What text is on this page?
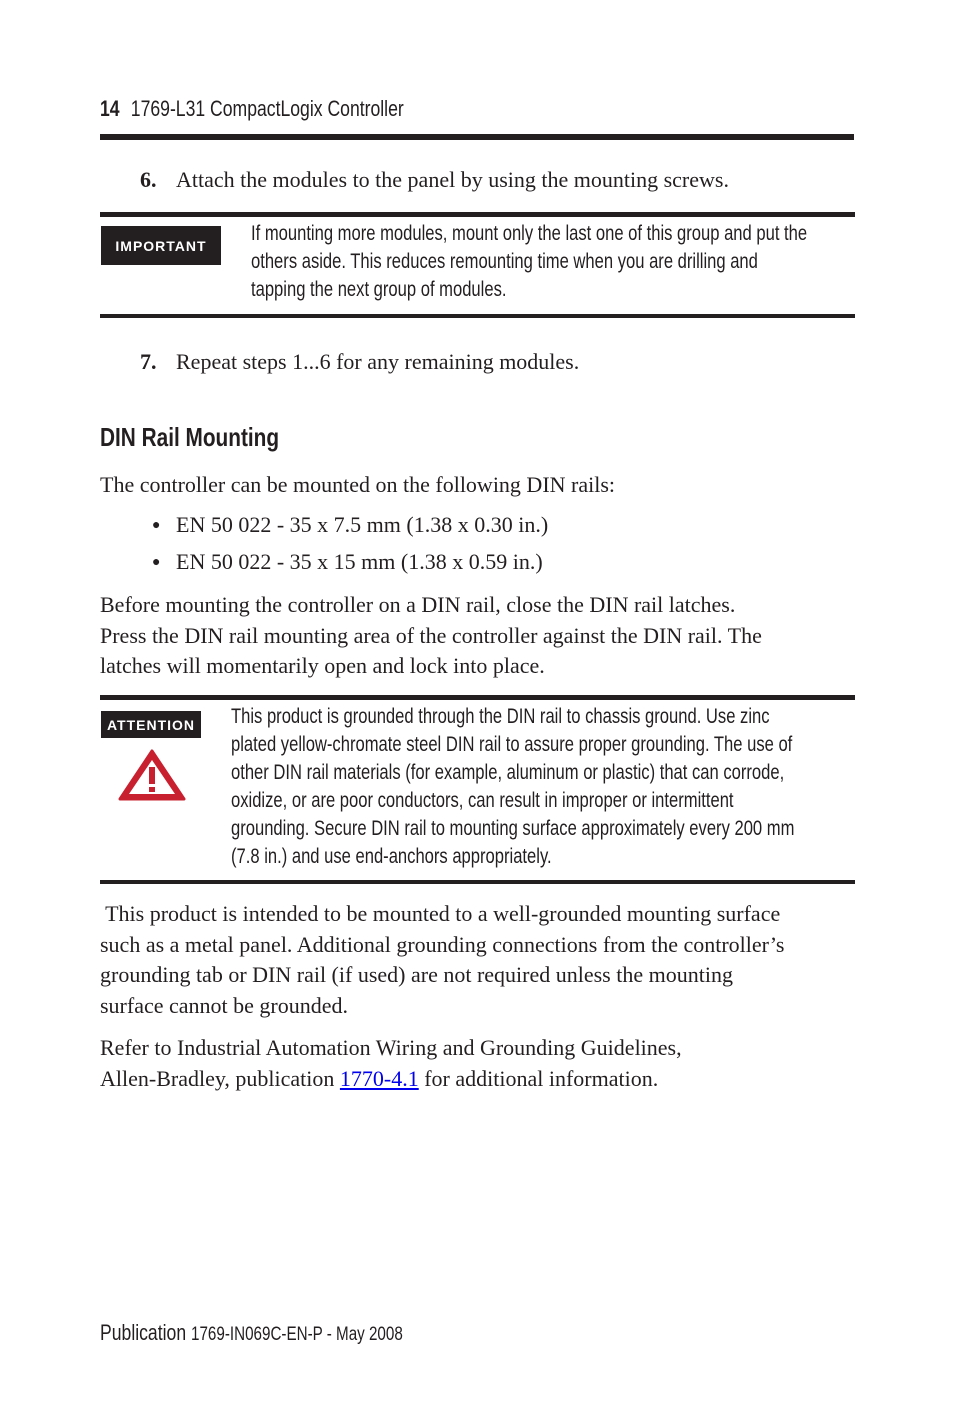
14 1769-L31 CompactLogix Controller
6. Attach the modules to the panel by using the mounting screws.
IMPORTANT
If mounting more modules, mount only the last one of this group and put the
others aside. This reduces remounting time when you are drilling and
tapping the next group of modules.
7. Repeat steps 1...6 for any remaining modules.
DIN Rail Mounting
The controller can be mounted on the following DIN rails:
● EN 50 022 - 35 x 7.5 mm (1.38 x 0.30 in.)
● EN 50 022 - 35 x 15 mm (1.38 x 0.59 in.)
Before mounting the controller on a DIN rail, close the DIN rail latches.
Press the DIN rail mounting area of the controller against the DIN rail. The
latches will momentarily open and lock into place.
ATTENTION This product is grounded through the DIN rail to chassis ground. Use zinc
plated yellow-chromate steel DIN rail to assure proper grounding. The use of
other DIN rail materials (for example, aluminum or plastic) that can corrode,
oxidize, or are poor conductors, can result in improper or intermittent
grounding. Secure DIN rail to mounting surface approximately every 200 mm
(7.8 in.) and use end-anchors appropriately.
This product is intended to be mounted to a well-grounded mounting surface
such as a metal panel. Additional grounding connections from the controller’s
grounding tab or DIN rail (if used) are not required unless the mounting
surface cannot be grounded.
Refer to Industrial Automation Wiring and Grounding Guidelines,
Allen-Bradley, publication 1770-4.1 for additional information.
Publication 1769-IN069C-EN-P - May 2008
